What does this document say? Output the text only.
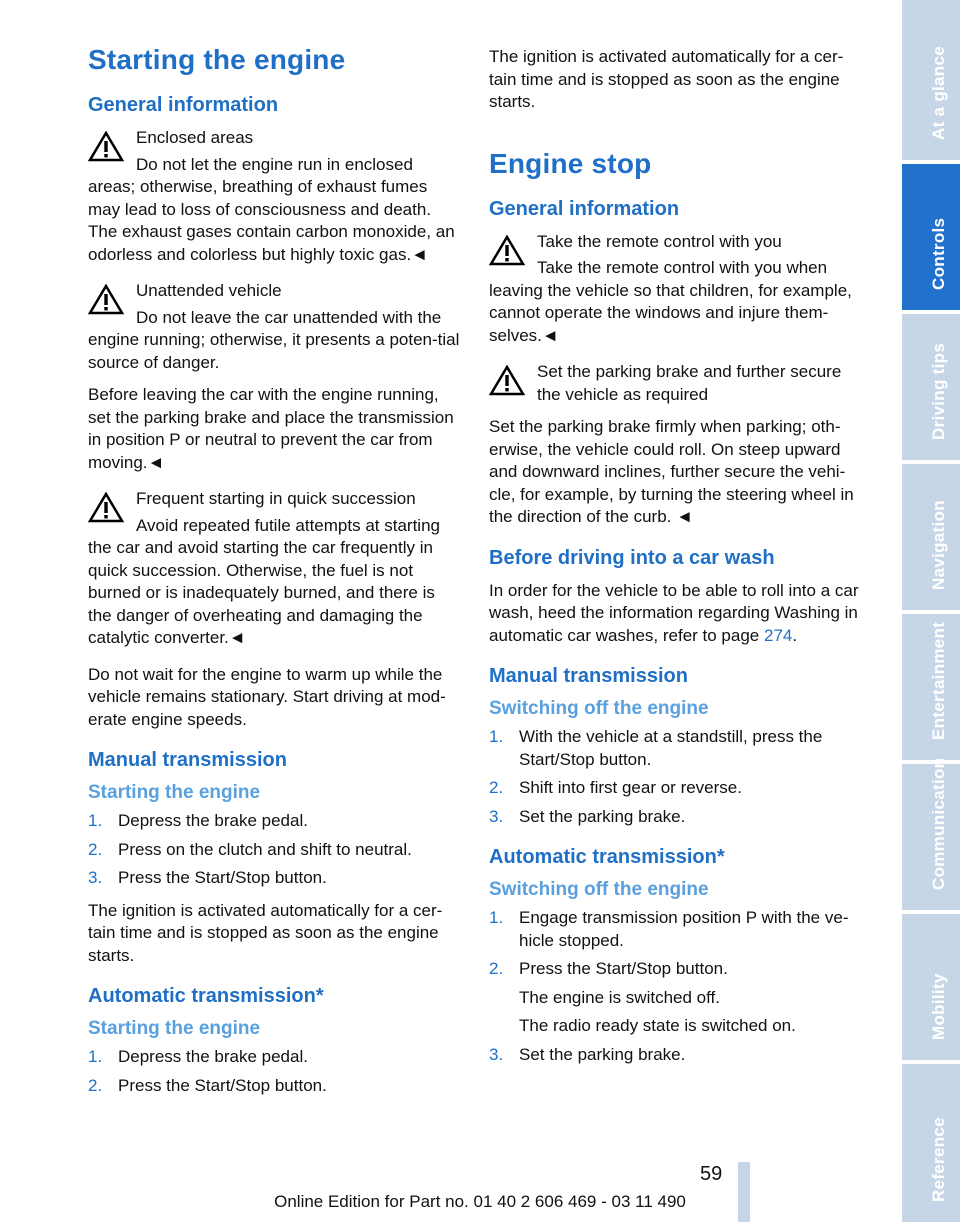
Starting the engine
General information
Enclosed areas
Do not let the engine run in enclosed areas; otherwise, breathing of exhaust fumes may lead to loss of consciousness and death. The exhaust gases contain carbon monoxide, an odorless and colorless but highly toxic gas.◄
Unattended vehicle
Do not leave the car unattended with the engine running; otherwise, it presents a poten-tial source of danger.

Before leaving the car with the engine running, set the parking brake and place the transmission in position P or neutral to prevent the car from moving.◄

Frequent starting in quick succession
Avoid repeated futile attempts at starting the car and avoid starting the car frequently in quick succession. Otherwise, the fuel is not burned or is inadequately burned, and there is the danger of overheating and damaging the catalytic converter.◄

Do not wait for the engine to warm up while the vehicle remains stationary. Start driving at mod-erate engine speeds.

Manual transmission
Starting the engine
1. Depress the brake pedal.
2. Press on the clutch and shift to neutral.
3. Press the Start/Stop button.

The ignition is activated automatically for a cer-tain time and is stopped as soon as the engine starts.

Automatic transmission*
Starting the engine
1. Depress the brake pedal.
2. Press the Start/Stop button.

The ignition is activated automatically for a cer-tain time and is stopped as soon as the engine starts.

Engine stop
General information
Take the remote control with you
Take the remote control with you when leaving the vehicle so that children, for example, cannot operate the windows and injure them-selves.◄
Set the parking brake and further secure the vehicle as required

Set the parking brake firmly when parking; oth-erwise, the vehicle could roll. On steep upward and downward inclines, further secure the vehi-cle, for example, by turning the steering wheel in the direction of the curb. ◄

Before driving into a car wash

In order for the vehicle to be able to roll into a car wash, heed the information regarding Washing in automatic car washes, refer to page 274.

Manual transmission
Switching off the engine
1. With the vehicle at a standstill, press the Start/Stop button.
2. Shift into first gear or reverse.
3. Set the parking brake.
Automatic transmission*
Switching off the engine
1. Engage transmission position P with the ve-hicle stopped.
2. Press the Start/Stop button.
The engine is switched off.
The radio ready state is switched on.
3. Set the parking brake.
At a glance
Controls
Driving tips
Navigation
Entertainment
Communication
Mobility
Reference
59
Online Edition for Part no. 01 40 2 606 469 - 03 11 490
